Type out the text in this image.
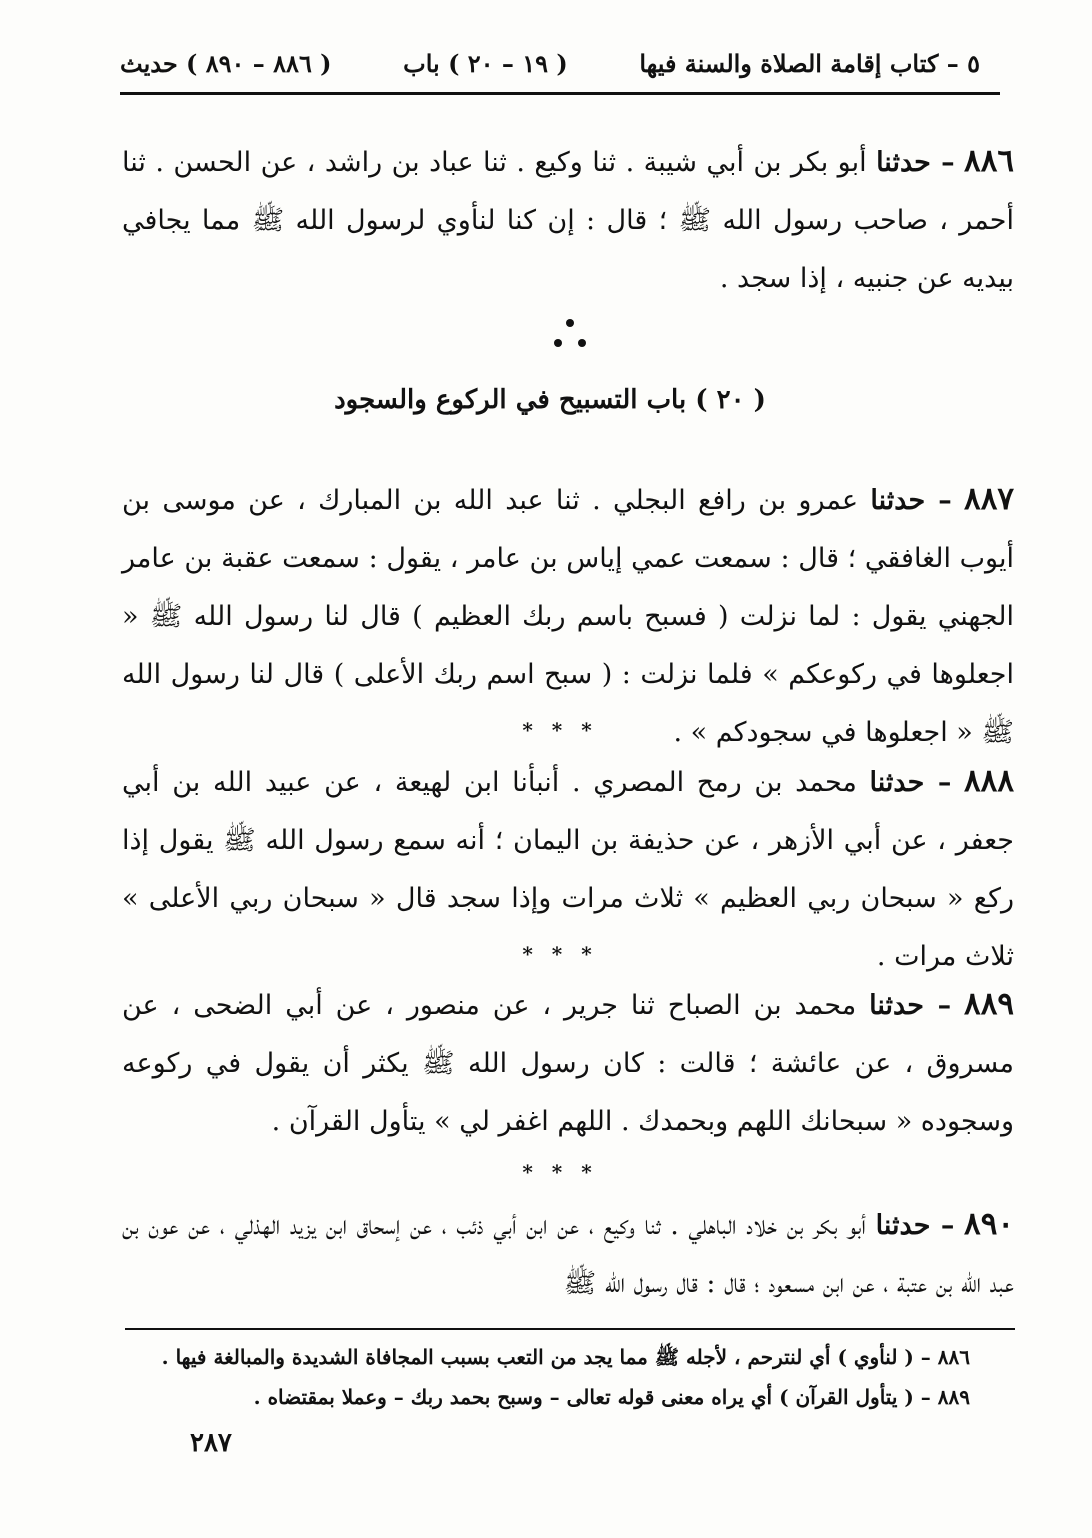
٥ – كتاب إقامة الصلاة والسنة فيها
( ١٩ – ٢٠ ) باب
( ٨٨٦ – ٨٩٠ ) حديث
٨٨٦ – حدثنا أبو بكر بن أبي شيبة . ثنا وكيع . ثنا عباد بن راشد ، عن الحسن . ثنا أحمر ، صاحب رسول الله ﷺ ؛ قال : إن كنا لنأوي لرسول الله ﷺ مما يجافي بيديه عن جنبيه ، إذا سجد .
( ٢٠ ) باب التسبيح في الركوع والسجود
٨٨٧ – حدثنا عمرو بن رافع البجلي . ثنا عبد الله بن المبارك ، عن موسى بن أيوب الغافقي ؛ قال : سمعت عمي إياس بن عامر ، يقول : سمعت عقبة بن عامر الجهني يقول : لما نزلت ( فسبح باسم ربك العظيم ) قال لنا رسول الله ﷺ « اجعلوها في ركوعكم » فلما نزلت : ( سبح اسم ربك الأعلى ) قال لنا رسول الله ﷺ « اجعلوها في سجودكم » .
* * *
٨٨٨ – حدثنا محمد بن رمح المصري . أنبأنا ابن لهيعة ، عن عبيد الله بن أبي جعفر ، عن أبي الأزهر ، عن حذيفة بن اليمان ؛ أنه سمع رسول الله ﷺ يقول إذا ركع « سبحان ربي العظيم » ثلاث مرات وإذا سجد قال « سبحان ربي الأعلى » ثلاث مرات .
* * *
٨٨٩ – حدثنا محمد بن الصباح ثنا جرير ، عن منصور ، عن أبي الضحى ، عن مسروق ، عن عائشة ؛ قالت : كان رسول الله ﷺ يكثر أن يقول في ركوعه وسجوده « سبحانك اللهم وبحمدك . اللهم اغفر لي » يتأول القرآن .
* * *
٨٩٠ – حدثنا أبو بكر بن خلاد الباهلي . ثنا وكيع ، عن ابن أبي ذئب ، عن إسحاق ابن يزيد الهذلي ، عن عون بن عبد الله بن عتبة ، عن ابن مسعود ؛ قال : قال رسول الله ﷺ
٨٨٦ – ( لنأوي ) أي لنترحم ، لأجله ﷺ مما يجد من التعب بسبب المجافاة الشديدة والمبالغة فيها .
٨٨٩ – ( يتأول القرآن ) أي يراه معنى قوله تعالى – وسبح بحمد ربك – وعملا بمقتضاه .
٢٨٧
